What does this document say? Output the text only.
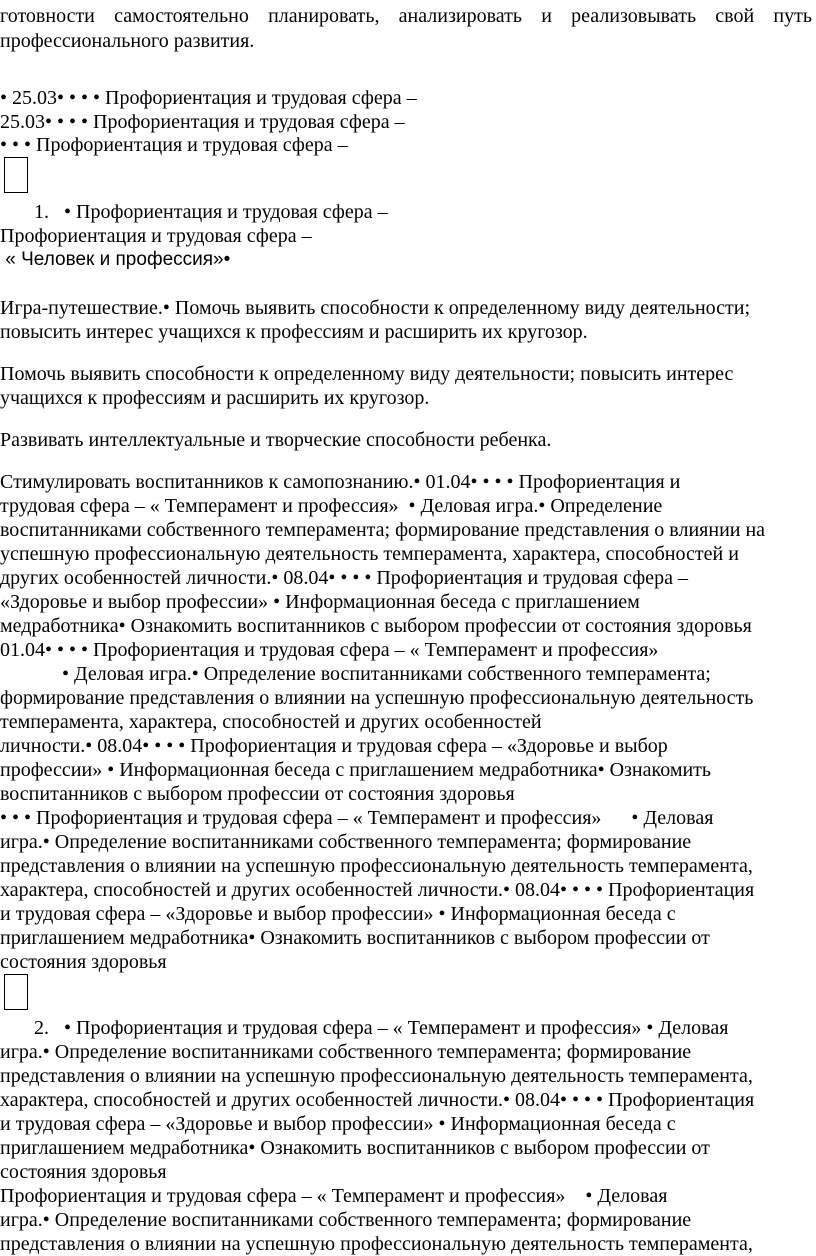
готовности самостоятельно планировать, анализировать и реализовывать свой путь
профессионального развития.
• 25.03• • • • Профориентация и трудовая сфера –
25.03• • • • Профориентация и трудовая сфера –
• • • Профориентация и трудовая сфера –
1.   • Профориентация и трудовая сфера –
Профориентация и трудовая сфера –
« Человек и профессия»•
Игра-путешествие.• Помочь выявить способности к определенному виду деятельности;
повысить интерес учащихся к профессиям и расширить их кругозор.
Помочь выявить способности к определенному виду деятельности; повысить интерес
учащихся к профессиям и расширить их кругозор.
Развивать интеллектуальные и творческие способности ребенка.
Стимулировать воспитанников к самопознанию.• 01.04• • • • Профориентация и
трудовая сфера – « Темперамент и профессия»  • Деловая игра.• Определение
воспитанниками собственного темперамента; формирование представления о влиянии на
успешную профессиональную деятельность темперамента, характера, способностей и
других особенностей личности.• 08.04• • • • Профориентация и трудовая сфера –
«Здоровье и выбор профессии» • Информационная беседа с приглашением
медработника• Ознакомить воспитанников с выбором профессии от состояния здоровья
01.04• • • • Профориентация и трудовая сфера – « Темперамент и профессия»
• Деловая игра.• Определение воспитанниками собственного темперамента;
формирование представления о влиянии на успешную профессиональную деятельность
темперамента, характера, способностей и других особенностей
личности.• 08.04• • • • Профориентация и трудовая сфера – «Здоровье и выбор
профессии» • Информационная беседа с приглашением медработника• Ознакомить
воспитанников с выбором профессии от состояния здоровья
• • • Профориентация и трудовая сфера – « Темперамент и профессия»      • Деловая
игра.• Определение воспитанниками собственного темперамента; формирование
представления о влиянии на успешную профессиональную деятельность темперамента,
характера, способностей и других особенностей личности.• 08.04• • • • Профориентация
и трудовая сфера – «Здоровье и выбор профессии» • Информационная беседа с
приглашением медработника• Ознакомить воспитанников с выбором профессии от
состояния здоровья
2.   • Профориентация и трудовая сфера – « Темперамент и профессия» • Деловая
игра.• Определение воспитанниками собственного темперамента; формирование
представления о влиянии на успешную профессиональную деятельность темперамента,
характера, способностей и других особенностей личности.• 08.04• • • • Профориентация
и трудовая сфера – «Здоровье и выбор профессии» • Информационная беседа с
приглашением медработника• Ознакомить воспитанников с выбором профессии от
состояния здоровья
Профориентация и трудовая сфера – « Темперамент и профессия»    • Деловая
игра.• Определение воспитанниками собственного темперамента; формирование
представления о влиянии на успешную профессиональную деятельность темперамента,
